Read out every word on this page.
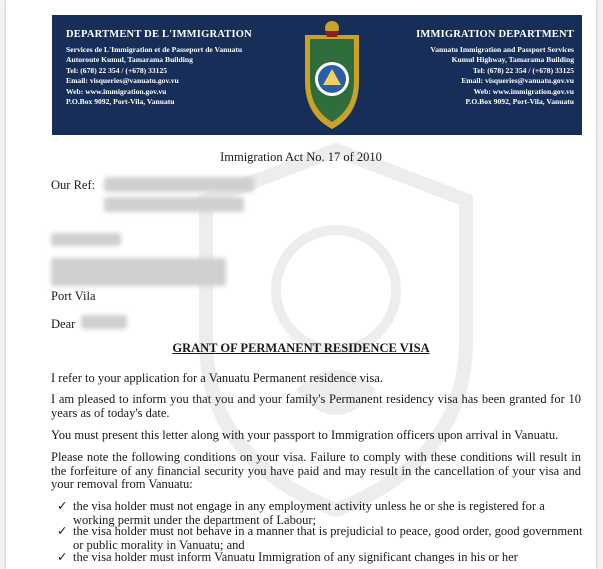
DEPARTMENT DE L'IMMIGRATION
Services de L'Immigration et de Passeport de Vanuatu
Autoroute Kumul, Tamarama Building
Tel: (678) 22 354 / (+678) 33125
Email: visqueries@vanuatu.gov.vu
Web: www.immigration.gov.vu
P.O.Box 9092, Port-Vila, Vanuatu
IMMIGRATION DEPARTMENT
Vanuatu Immigration and Passport Services
Kumul Highway, Tamarama Building
Tel: (678) 22 354 / (+678) 33125
Email: visqueries@vanuatu.gov.vu
Web: www.immigration.gov.vu
P.O.Box 9092, Port-Vila, Vanuatu
Immigration Act No. 17 of 2010
Our Ref:
Port Vila
Dear
GRANT OF PERMANENT RESIDENCE VISA
I refer to your application for a Vanuatu Permanent residence visa.
I am pleased to inform you that you and your family's Permanent residency visa has been granted for 10 years as of today's date.
You must present this letter along with your passport to Immigration officers upon arrival in Vanuatu.
Please note the following conditions on your visa. Failure to comply with these conditions will result in the forfeiture of any financial security you have paid and may result in the cancellation of your visa and your removal from Vanuatu:
✓ the visa holder must not engage in any employment activity unless he or she is registered for a working permit under the department of Labour;
✓ the visa holder must not behave in a manner that is prejudicial to peace, good order, good government or public morality in Vanuatu; and
✓ the visa holder must inform Vanuatu Immigration of any significant changes in his or her
